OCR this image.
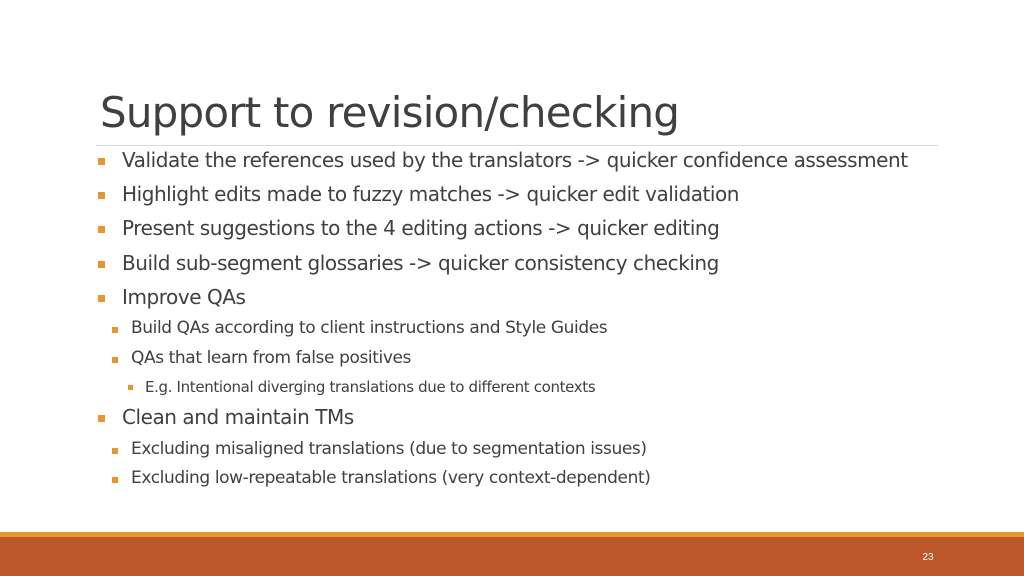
Support to revision/checking
Validate the references used by the translators -> quicker confidence assessment
Highlight edits made to fuzzy matches -> quicker edit validation
Present suggestions to the 4 editing actions -> quicker editing
Build sub-segment glossaries -> quicker consistency checking
Improve QAs
Build QAs according to client instructions and Style Guides
QAs that learn from false positives
E.g. Intentional diverging translations due to different contexts
Clean and maintain TMs
Excluding misaligned translations (due to segmentation issues)
Excluding low-repeatable translations (very context-dependent)
23
